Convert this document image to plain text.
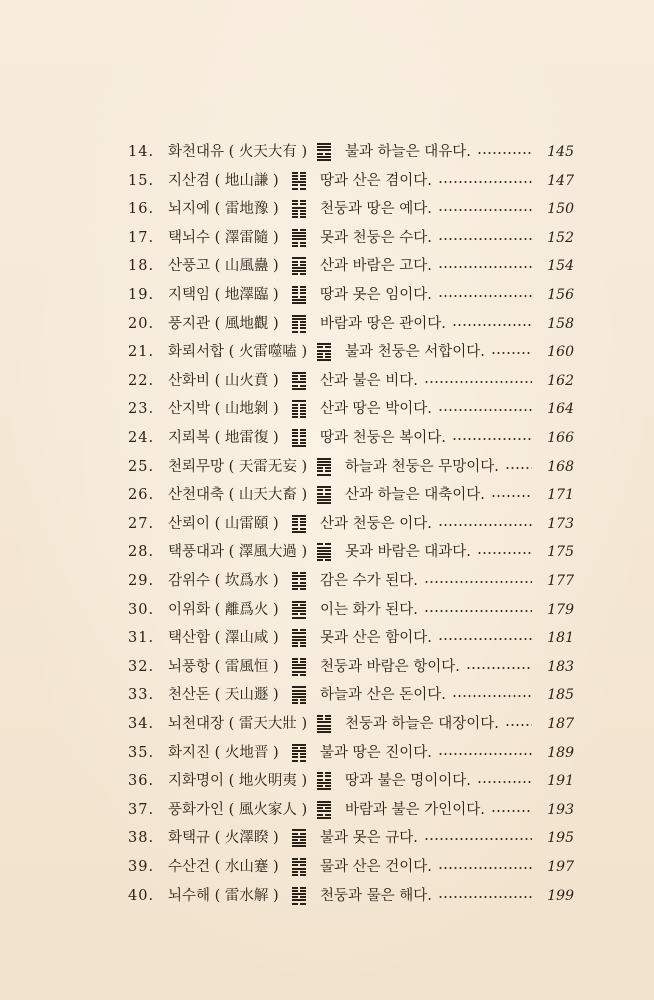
14. 화천대유 ( 火天大有 )	불과 하늘은 대유다.	145
15. 지산겸 ( 地山謙 )	땅과 산은 겸이다.	147
16. 뇌지예 ( 雷地豫 )	천둥과 땅은 예다.	150
17. 택뇌수 ( 澤雷隨 )	못과 천둥은 수다.	152
18. 산풍고 ( 山風蠱 )	산과 바람은 고다.	154
19. 지택임 ( 地澤臨 )	땅과 못은 임이다.	156
20. 풍지관 ( 風地觀 )	바람과 땅은 관이다.	158
21. 화뢰서합 ( 火雷噬嗑 )	불과 천둥은 서합이다.	160
22. 산화비 ( 山火賁 )	산과 불은 비다.	162
23. 산지박 ( 山地剝 )	산과 땅은 박이다.	164
24. 지뢰복 ( 地雷復 )	땅과 천둥은 복이다.	166
25. 천뢰무망 ( 天雷无妄 )	하늘과 천둥은 무망이다.	168
26. 산천대축 ( 山天大畜 )	산과 하늘은 대축이다.	171
27. 산뢰이 ( 山雷頤 )	산과 천둥은 이다.	173
28. 택풍대과 ( 澤風大過 )	못과 바람은 대과다.	175
29. 감위수 ( 坎爲水 )	감은 수가 된다.	177
30. 이위화 ( 離爲火 )	이는 화가 된다.	179
31. 택산함 ( 澤山咸 )	못과 산은 함이다.	181
32. 뇌풍항 ( 雷風恒 )	천둥과 바람은 항이다.	183
33. 천산돈 ( 天山遯 )	하늘과 산은 돈이다.	185
34. 뇌천대장 ( 雷天大壯 )	천둥과 하늘은 대장이다.	187
35. 화지진 ( 火地晋 )	불과 땅은 진이다.	189
36. 지화명이 ( 地火明夷 )	땅과 불은 명이이다.	191
37. 풍화가인 ( 風火家人 )	바람과 불은 가인이다.	193
38. 화택규 ( 火澤睽 )	불과 못은 규다.	195
39. 수산건 ( 水山蹇 )	물과 산은 건이다.	197
40. 뇌수해 ( 雷水解 )	천둥과 물은 해다.	199
